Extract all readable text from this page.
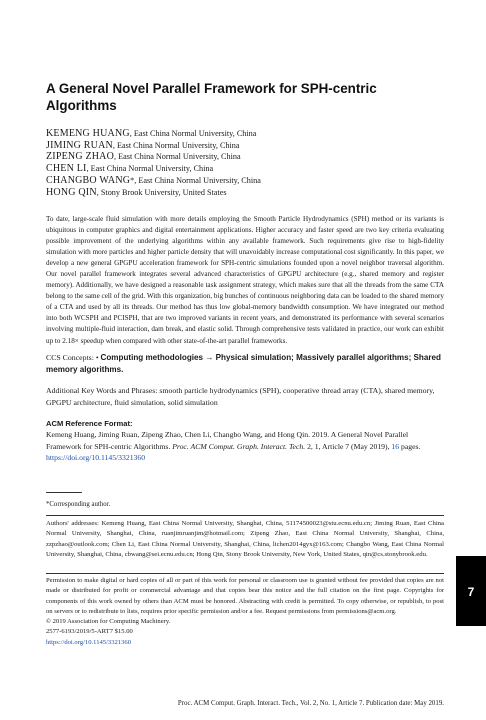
A General Novel Parallel Framework for SPH-centric
Algorithms
KEMENG HUANG, East China Normal University, China
JIMING RUAN, East China Normal University, China
ZIPENG ZHAO, East China Normal University, China
CHEN LI, East China Normal University, China
CHANGBO WANG*, East China Normal University, China
HONG QIN, Stony Brook University, United States

To date, large-scale fluid simulation with more details employing the Smooth Particle Hydrodynamics (SPH) method or its variants is ubiquitous in computer graphics and digital entertainment applications. Higher accuracy and faster speed are two key criteria evaluating possible improvement of the underlying algorithms within any available framework. Such requirements give rise to high-fidelity simulation with more particles and higher particle density that will unavoidably increase computational cost significantly. In this paper, we develop a new general GPGPU acceleration framework for SPH-centric simulations founded upon a novel neighbor traversal algorithm. Our novel parallel framework integrates several advanced characteristics of GPGPU architecture (e.g., shared memory and register memory). Additionally, we have designed a reasonable task assignment strategy, which makes sure that all the threads from the same CTA belong to the same cell of the grid. With this organization, big bunches of continuous neighboring data can be loaded to the shared memory of a CTA and used by all its threads. Our method has thus low global-memory bandwidth consumption. We have integrated our method into both WCSPH and PCISPH, that are two improved variants in recent years, and demonstrated its performance with several scenarios involving multiple-fluid interaction, dam break, and elastic solid. Through comprehensive tests validated in practice, our work can exhibit up to 2.18× speedup when compared with other state-of-the-art parallel frameworks.

CCS Concepts: • Computing methodologies → Physical simulation; Massively parallel algorithms; Shared memory algorithms.

Additional Key Words and Phrases: smooth particle hydrodynamics (SPH), cooperative thread array (CTA), shared memory, GPGPU architecture, fluid simulation, solid simulation

ACM Reference Format:

Kemeng Huang, Jiming Ruan, Zipeng Zhao, Chen Li, Changbo Wang, and Hong Qin. 2019. A General Novel Parallel Framework for SPH-centric Algorithms. Proc. ACM Comput. Graph. Interact. Tech. 2, 1, Article 7 (May 2019), 16 pages. https://doi.org/10.1145/3321360

*Corresponding author.

Authors' addresses: Kemeng Huang, East China Normal University, Shanghai, China, 51174500023@stu.ecnu.edu.cn; Jiming Ruan, East China Normal University, Shanghai, China, ruanjimruanjim@hotmail.com; Zipeng Zhao, East China Normal University, Shanghai, China, zzpzhao@outlook.com; Chen Li, East China Normal University, Shanghai, China, lichen2014gyx@163.com; Changbo Wang, East China Normal University, Shanghai, China, cbwang@sei.ecnu.edu.cn; Hong Qin, Stony Brook University, New York, United States, qin@cs.stonybrook.edu.

Permission to make digital or hard copies of all or part of this work for personal or classroom use is granted without fee provided that copies are not made or distributed for profit or commercial advantage and that copies bear this notice and the full citation on the first page. Copyrights for components of this work owned by others than ACM must be honored. Abstracting with credit is permitted. To copy otherwise, or republish, to post on servers or to redistribute to lists, requires prior specific permission and/or a fee. Request permissions from permissions@acm.org.

© 2019 Association for Computing Machinery.

2577-6193/2019/5-ART7 $15.00

https://doi.org/10.1145/3321360

Proc. ACM Comput. Graph. Interact. Tech., Vol. 2, No. 1, Article 7. Publication date: May 2019.
7
